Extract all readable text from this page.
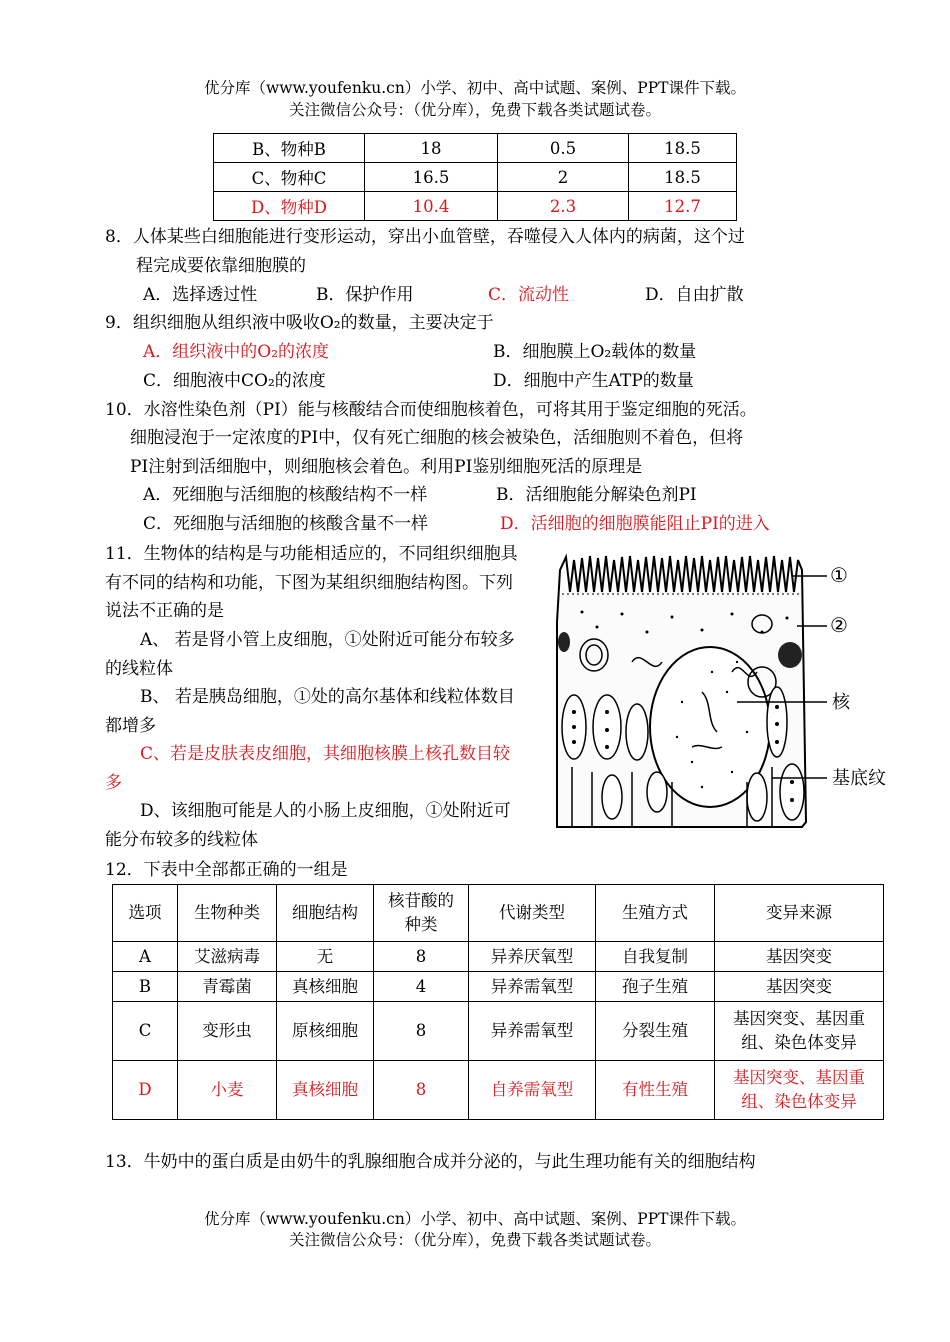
优分库（www.youfenku.cn）小学、初中、高中试题、案例、PPT课件下载。
关注微信公众号：（优分库），免费下载各类试题试卷。
B、物种B	18	0.5	18.5
C、物种C	16.5	2	18.5
D、物种D	10.4	2.3	12.7
8．人体某些白细胞能进行变形运动，穿出小血管壁，吞噬侵入人体内的病菌，这个过
程完成要依靠细胞膜的
A．选择透过性	B．保护作用	C．流动性	D．自由扩散
9．组织细胞从组织液中吸收O₂的数量，主要决定于
A．组织液中的O₂的浓度	B．细胞膜上O₂载体的数量
C．细胞液中CO₂的浓度	D．细胞中产生ATP的数量
10．水溶性染色剂（PI）能与核酸结合而使细胞核着色，可将其用于鉴定细胞的死活。
细胞浸泡于一定浓度的PI中，仅有死亡细胞的核会被染色，活细胞则不着色，但将
PI注射到活细胞中，则细胞核会着色。利用PI鉴别细胞死活的原理是
A．死细胞与活细胞的核酸结构不一样	B．活细胞能分解染色剂PI
C．死细胞与活细胞的核酸含量不一样	D．活细胞的细胞膜能阻止PI的进入
11．生物体的结构是与功能相适应的，不同组织细胞具有不同的结构和功能，下图为某组织细胞结构图。下列说法不正确的是
A、 若是肾小管上皮细胞，①处附近可能分布较多的线粒体
B、 若是胰岛细胞，①处的高尔基体和线粒体数目都增多
C、若是皮肤表皮细胞，其细胞核膜上核孔数目较多
D、该细胞可能是人的小肠上皮细胞，①处附近可能分布较多的线粒体
①
②
核
基底纹
12．下表中全部都正确的一组是
选项	生物种类	细胞结构	核苷酸的种类	代谢类型	生殖方式	变异来源
A	艾滋病毒	无	8	异养厌氧型	自我复制	基因突变
B	青霉菌	真核细胞	4	异养需氧型	孢子生殖	基因突变
C	变形虫	原核细胞	8	异养需氧型	分裂生殖	基因突变、基因重组、染色体变异
D	小麦	真核细胞	8	自养需氧型	有性生殖	基因突变、基因重组、染色体变异
13．牛奶中的蛋白质是由奶牛的乳腺细胞合成并分泌的，与此生理功能有关的细胞结构
优分库（www.youfenku.cn）小学、初中、高中试题、案例、PPT课件下载。
关注微信公众号：（优分库），免费下载各类试题试卷。
